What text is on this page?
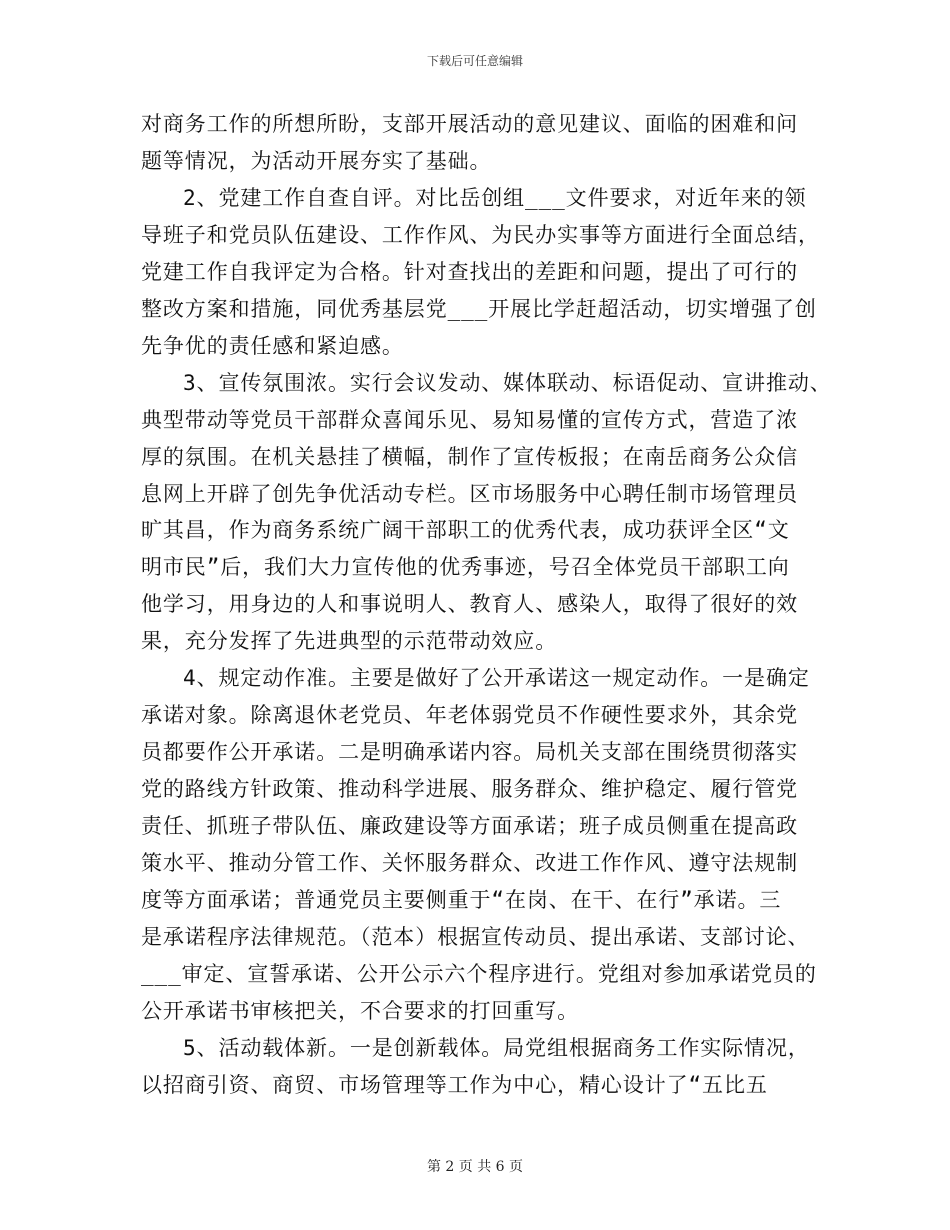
下载后可任意编辑
对商务工作的所想所盼，支部开展活动的意见建议、面临的困难和问
题等情况，为活动开展夯实了基础。
2、党建工作自查自评。对比岳创组___文件要求，对近年来的领
导班子和党员队伍建设、工作作风、为民办实事等方面进行全面总结，
党建工作自我评定为合格。针对查找出的差距和问题，提出了可行的
整改方案和措施，同优秀基层党___开展比学赶超活动，切实增强了创
先争优的责任感和紧迫感。
3、宣传氛围浓。实行会议发动、媒体联动、标语促动、宣讲推动、
典型带动等党员干部群众喜闻乐见、易知易懂的宣传方式，营造了浓
厚的氛围。在机关悬挂了横幅，制作了宣传板报；在南岳商务公众信
息网上开辟了创先争优活动专栏。区市场服务中心聘任制市场管理员
旷其昌，作为商务系统广阔干部职工的优秀代表，成功获评全区“文
明市民”后，我们大力宣传他的优秀事迹，号召全体党员干部职工向
他学习，用身边的人和事说明人、教育人、感染人，取得了很好的效
果，充分发挥了先进典型的示范带动效应。
4、规定动作准。主要是做好了公开承诺这一规定动作。一是确定
承诺对象。除离退休老党员、年老体弱党员不作硬性要求外，其余党
员都要作公开承诺。二是明确承诺内容。局机关支部在围绕贯彻落实
党的路线方针政策、推动科学进展、服务群众、维护稳定、履行管党
责任、抓班子带队伍、廉政建设等方面承诺；班子成员侧重在提高政
策水平、推动分管工作、关怀服务群众、改进工作作风、遵守法规制
度等方面承诺；普通党员主要侧重于“在岗、在干、在行”承诺。三
是承诺程序法律规范。（范本）根据宣传动员、提出承诺、支部讨论、
___审定、宣誓承诺、公开公示六个程序进行。党组对参加承诺党员的
公开承诺书审核把关，不合要求的打回重写。
5、活动载体新。一是创新载体。局党组根据商务工作实际情况，
以招商引资、商贸、市场管理等工作为中心，精心设计了“五比五
第 2 页 共 6 页
